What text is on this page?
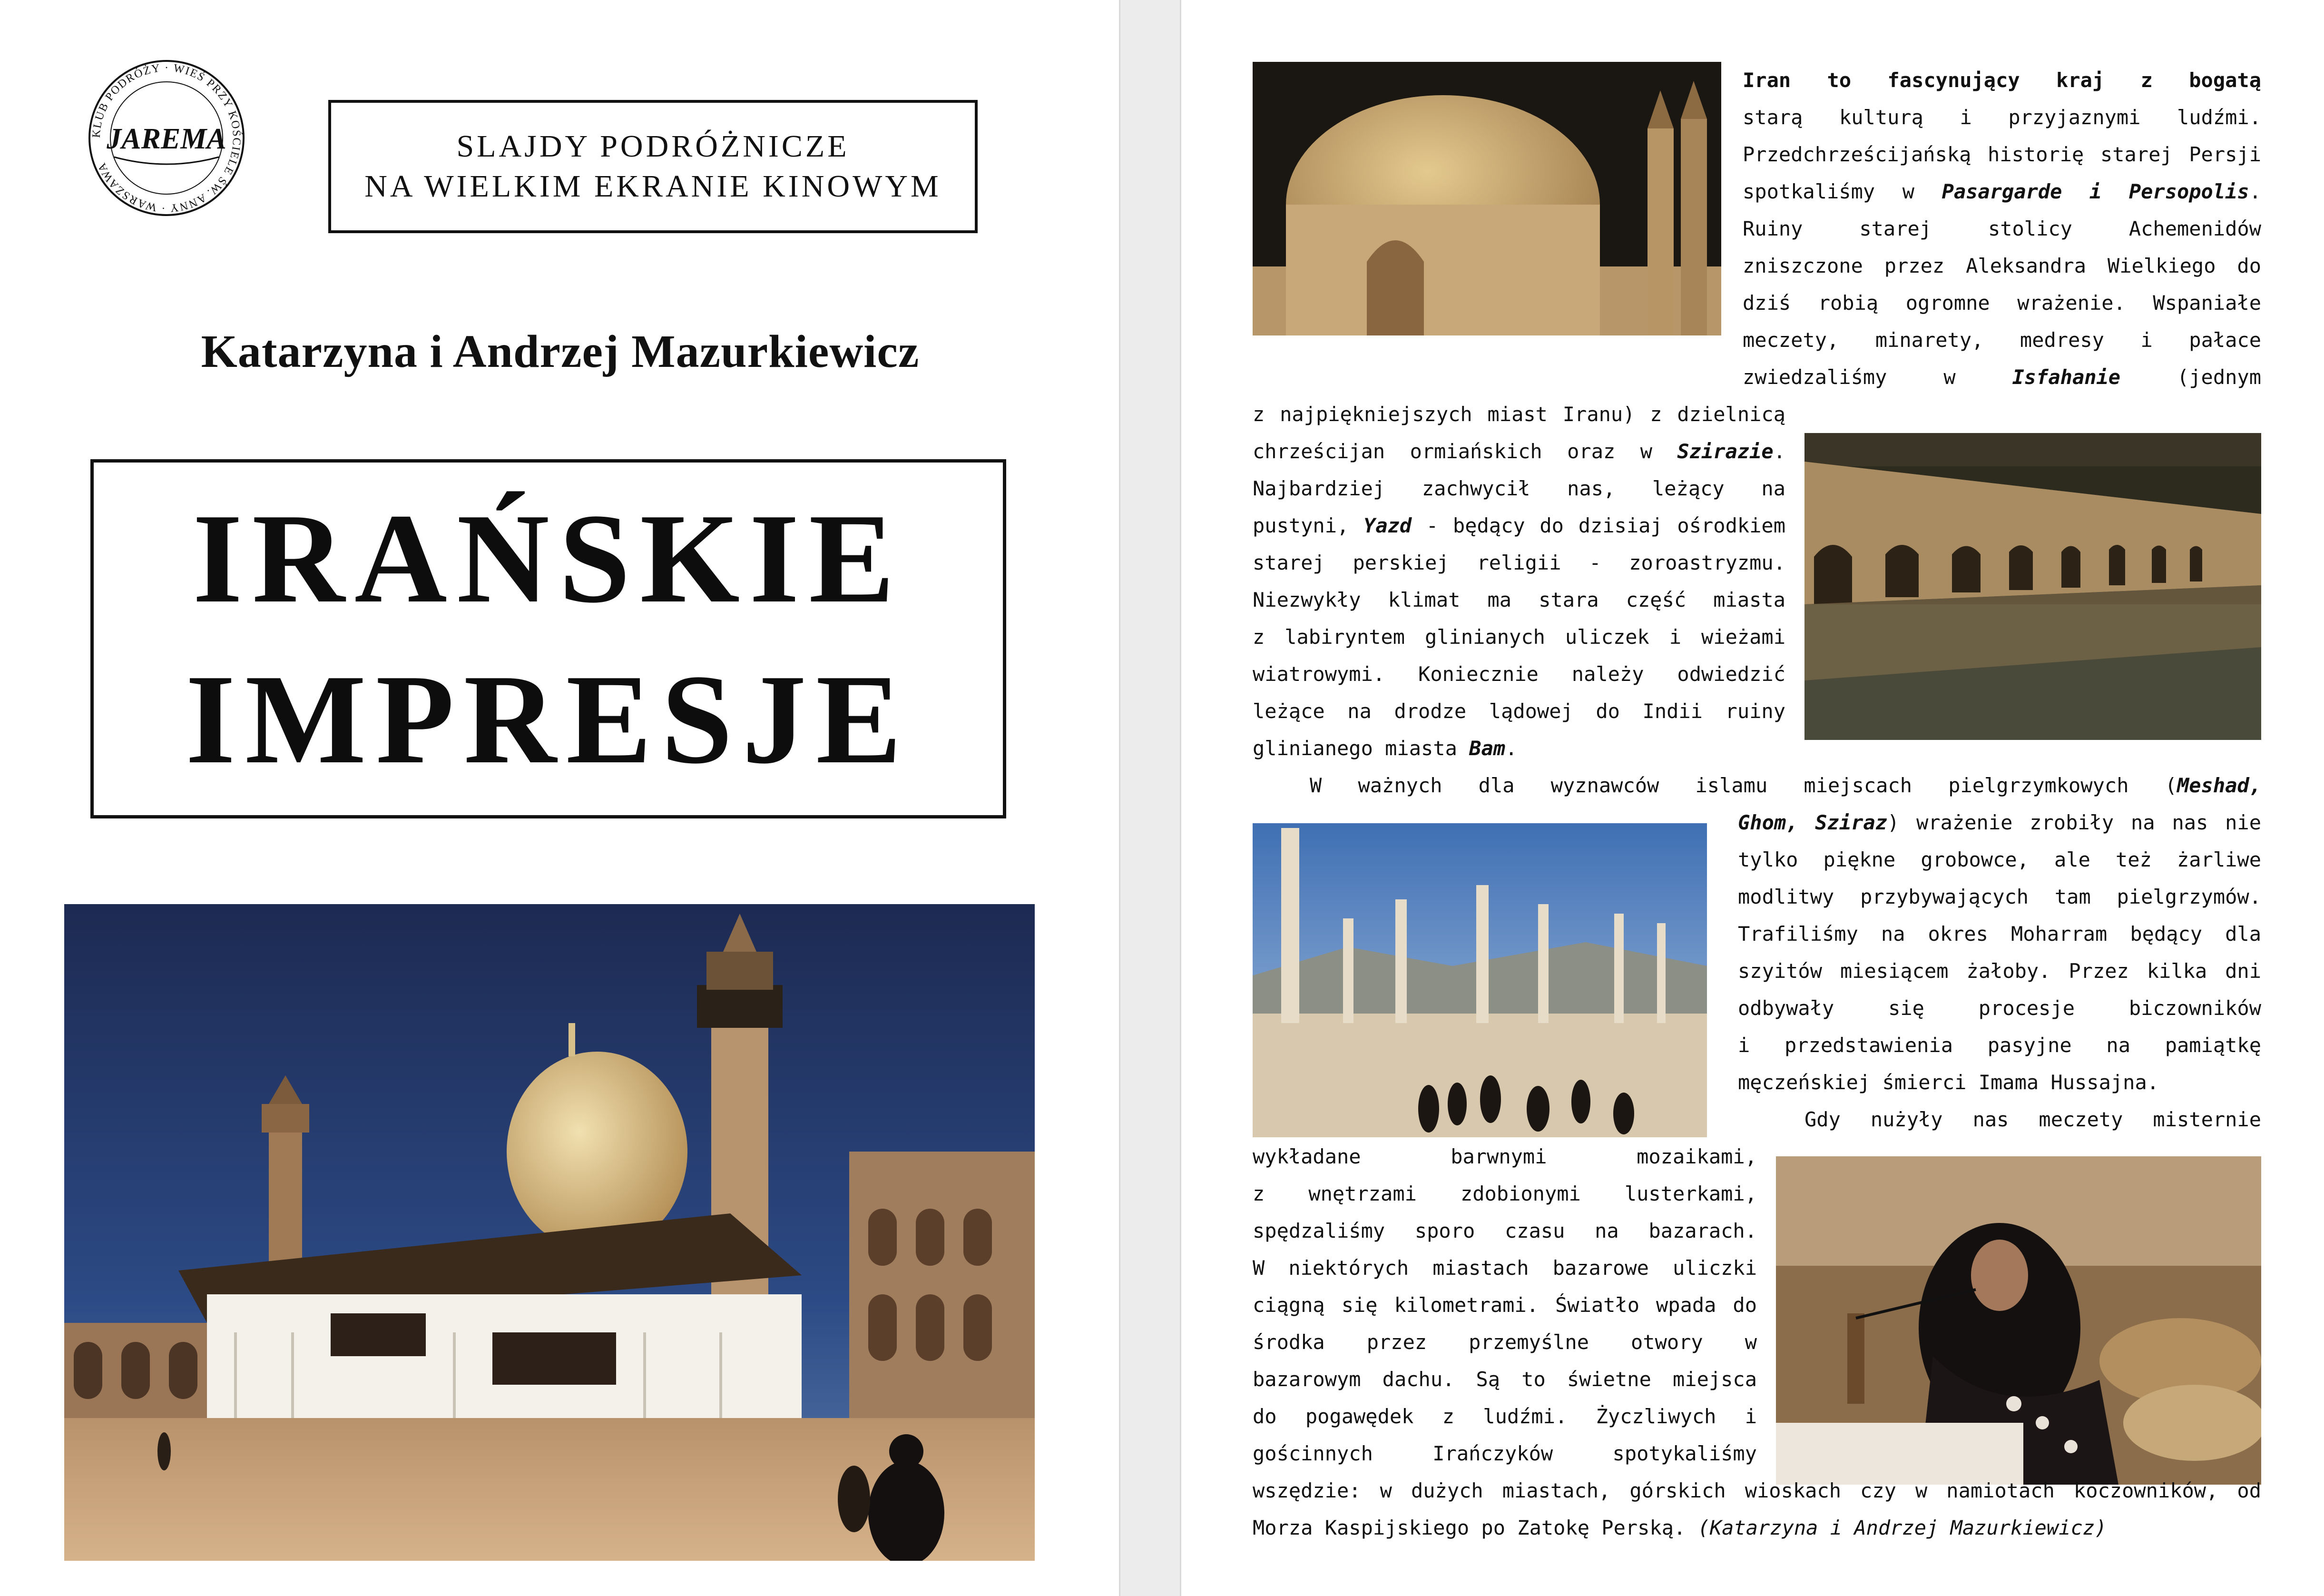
KLUB PODRÓŻY · WIEŚ PRZY KOŚCIELE ŚW. ANNY · WARSZAWA
JAREMA	SLAJDY PODRÓŻNICZE
NA WIELKIM EKRANIE KINOWYM
Katarzyna i Andrzej Mazurkiewicz
IRAŃSKIE
IMPRESJE

Iran to fascynujący kraj z bogatą

starą kulturą i przyjaznymi ludźmi.

Przedchrześcijańską historię starej Persji

spotkaliśmy w Pasargarde i Persopolis.

Ruiny starej stolicy Achemenidów

zniszczone przez Aleksandra Wielkiego do

dziś robią ogromne wrażenie. Wspaniałe

meczety, minarety, medresy i pałace

zwiedzaliśmy w Isfahanie (jednym

z najpiękniejszych miast Iranu) z dzielnicą

chrześcijan ormiańskich oraz w Szirazie.

Najbardziej zachwycił nas, leżący na

pustyni, Yazd - będący do dzisiaj ośrodkiem

starej perskiej religii - zoroastryzmu.

Niezwykły klimat ma stara część miasta

z labiryntem glinianych uliczek i wieżami

wiatrowymi. Koniecznie należy odwiedzić

leżące na drodze lądowej do Indii ruiny

glinianego miasta Bam.

W ważnych dla wyznawców islamu miejscach pielgrzymkowych (Meshad,

Ghom, Sziraz) wrażenie zrobiły na nas nie

tylko piękne grobowce, ale też żarliwe

modlitwy przybywających tam pielgrzymów.

Trafiliśmy na okres Moharram będący dla

szyitów miesiącem żałoby. Przez kilka dni

odbywały się procesje biczowników

i przedstawienia pasyjne na pamiątkę

męczeńskiej śmierci Imama Hussajna.

Gdy nużyły nas meczety misternie

wykładane barwnymi mozaikami,

z wnętrzami zdobionymi lusterkami,

spędzaliśmy sporo czasu na bazarach.

W niektórych miastach bazarowe uliczki

ciągną się kilometrami. Światło wpada do

środka przez przemyślne otwory w

bazarowym dachu. Są to świetne miejsca

do pogawędek z ludźmi. Życzliwych i

gościnnych Irańczyków spotykaliśmy

wszędzie: w dużych miastach, górskich wioskach czy w namiotach koczowników, od

Morza Kaspijskiego po Zatokę Perską. (Katarzyna i Andrzej Mazurkiewicz)
